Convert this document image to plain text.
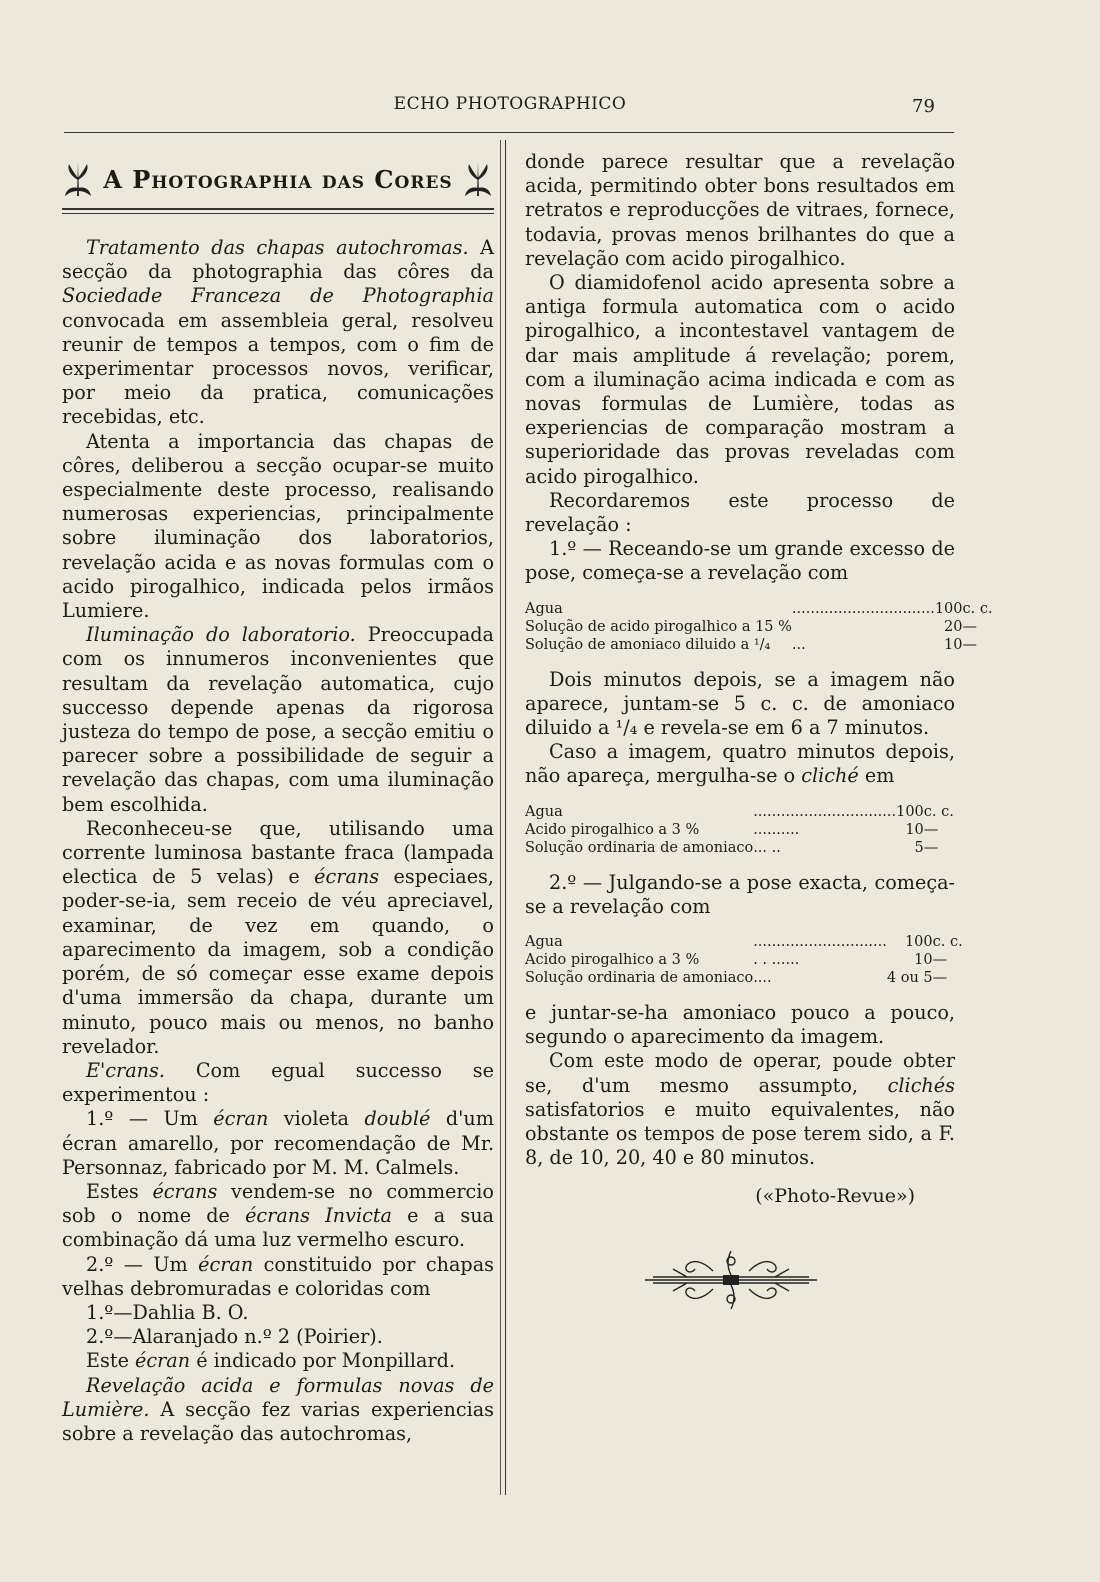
ECHO PHOTOGRAPHICO	79
A Photographia das Cores

Tratamento das chapas autochromas. A secção da photographia das côres da Sociedade Franceza de Photographia convocada em assembleia geral, resolveu reunir de tempos a tempos, com o fim de experimentar processos novos, verificar, por meio da pratica, comunicações recebidas, etc.

Atenta a importancia das chapas de côres, deliberou a secção ocupar-se muito especialmente deste processo, realisando numerosas experiencias, principalmente sobre iluminação dos laboratorios, revelação acida e as novas formulas com o acido pirogalhico, indicada pelos irmãos Lumiere.

Iluminação do laboratorio. Preoccupada com os innumeros inconvenientes que resultam da revelação automatica, cujo successo depende apenas da rigorosa justeza do tempo de pose, a secção emitiu o parecer sobre a possibilidade de seguir a revelação das chapas, com uma iluminação bem escolhida.

Reconheceu-se que, utilisando uma corrente luminosa bastante fraca (lampada electica de 5 velas) e écrans especiaes, poder-se-ia, sem receio de véu apreciavel, examinar, de vez em quando, o aparecimento da imagem, sob a condição porém, de só começar esse exame depois d'uma immersão da chapa, durante um minuto, pouco mais ou menos, no banho revelador.

E'crans. Com egual successo se experimentou :

1.º — Um écran violeta doublé d'um écran amarello, por recomendação de Mr. Personnaz, fabricado por M. M. Calmels.

Estes écrans vendem-se no commercio sob o nome de écrans Invicta e a sua combinação dá uma luz vermelho escuro.

2.º — Um écran constituido por chapas velhas debromuradas e coloridas com

1.º—Dahlia B. O.

2.º—Alaranjado n.º 2 (Poirier).

Este écran é indicado por Monpillard.

Revelação acida e formulas novas de Lumière. A secção fez varias experiencias sobre a revelação das autochromas,

donde parece resultar que a revelação acida, permitindo obter bons resultados em retratos e reproducções de vitraes, fornece, todavia, provas menos brilhantes do que a revelação com acido pirogalhico.

O diamidofenol acido apresenta sobre a antiga formula automatica com o acido pirogalhico, a incontestavel vantagem de dar mais amplitude á revelação; porem, com a iluminação acima indicada e com as novas formulas de Lumière, todas as experiencias de comparação mostram a superioridade das provas reveladas com acido pirogalhico.

Recordaremos este processo de revelação :

1.º — Receando-se um grande excesso de pose, começa-se a revelação com

Agua	...............................	100	c. c.
Solução de acido pirogalhico a 15 %		20	—
Solução de amoniaco diluido a ¹/₄	...	10	—

Dois minutos depois, se a imagem não aparece, juntam-se 5 c. c. de amoniaco diluido a ¹/₄ e revela-se em 6 a 7 minutos.

Caso a imagem, quatro minutos depois, não apareça, mergulha-se o cliché em

Agua	...............................	100	c. c.
Acido pirogalhico a 3 %	..........	10	—
Solução ordinaria de amoniaco	... ..	5	—

2.º — Julgando-se a pose exacta, começa-se a revelação com

Agua	.............................	100	c. c.
Acido pirogalhico a 3 %	. . ......	10	—
Solução ordinaria de amoniaco	....	4 ou 5	—

e juntar-se-ha amoniaco pouco a pouco, segundo o aparecimento da imagem.

Com este modo de operar, poude obter se, d'um mesmo assumpto, clichés satisfatorios e muito equivalentes, não obstante os tempos de pose terem sido, a F. 8, de 10, 20, 40 e 80 minutos.

(«Photo-Revue»)
